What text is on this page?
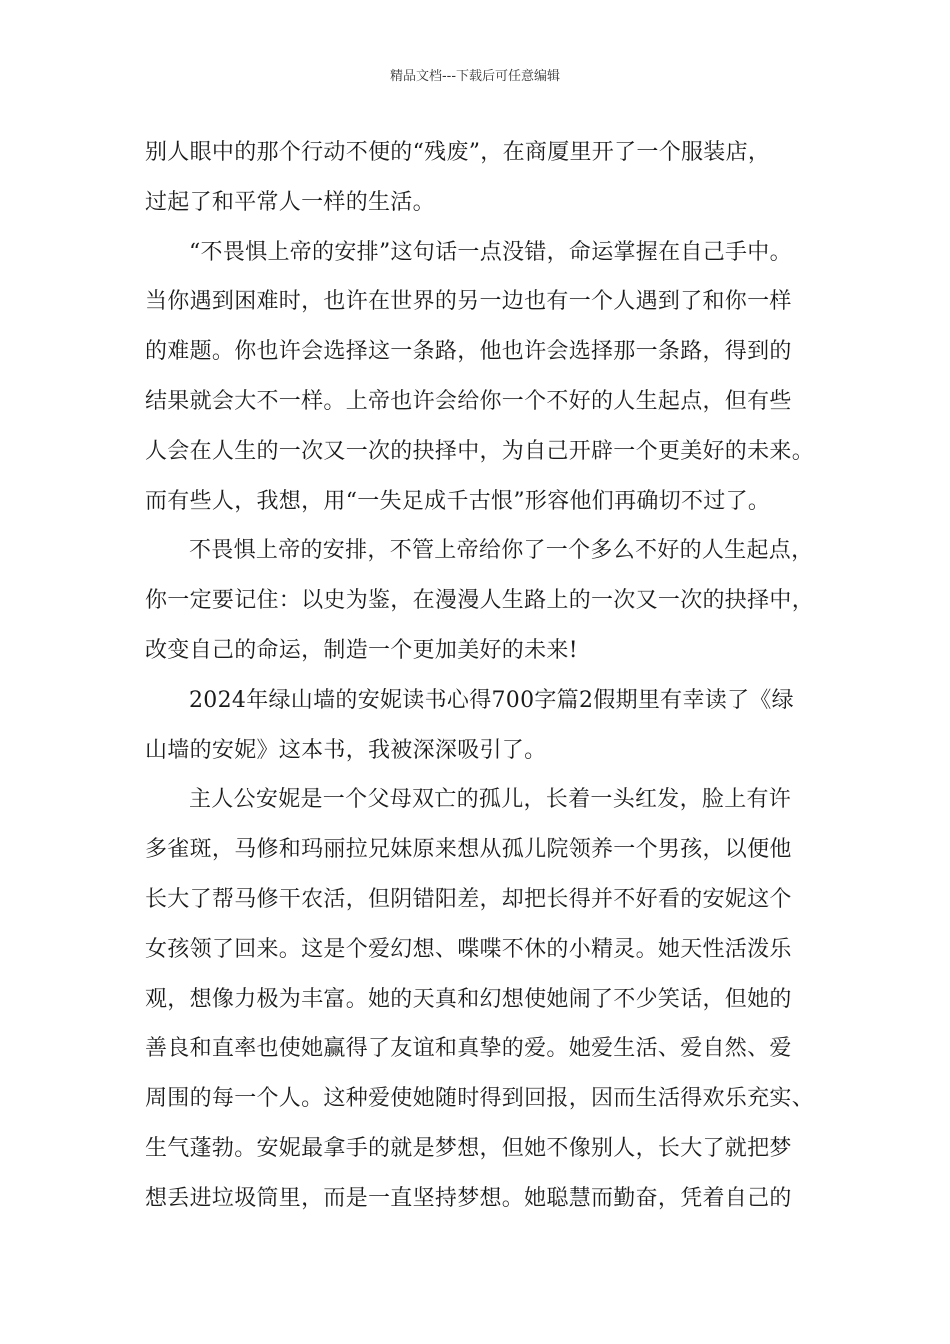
精品文档---下载后可任意编辑
别人眼中的那个行动不便的“残废”，在商厦里开了一个服装店，
过起了和平常人一样的生活。
“不畏惧上帝的安排”这句话一点没错，命运掌握在自己手中。
当你遇到困难时，也许在世界的另一边也有一个人遇到了和你一样
的难题。你也许会选择这一条路，他也许会选择那一条路，得到的
结果就会大不一样。上帝也许会给你一个不好的人生起点，但有些
人会在人生的一次又一次的抉择中，为自己开辟一个更美好的未来。
而有些人，我想，用“一失足成千古恨”形容他们再确切不过了。
不畏惧上帝的安排，不管上帝给你了一个多么不好的人生起点，
你一定要记住：以史为鉴，在漫漫人生路上的一次又一次的抉择中，
改变自己的命运，制造一个更加美好的未来!
2024年绿山墙的安妮读书心得700字篇2假期里有幸读了《绿
山墙的安妮》这本书，我被深深吸引了。
主人公安妮是一个父母双亡的孤儿，长着一头红发，脸上有许
多雀斑，马修和玛丽拉兄妹原来想从孤儿院领养一个男孩，以便他
长大了帮马修干农活，但阴错阳差，却把长得并不好看的安妮这个
女孩领了回来。这是个爱幻想、喋喋不休的小精灵。她天性活泼乐
观，想像力极为丰富。她的天真和幻想使她闹了不少笑话，但她的
善良和直率也使她赢得了友谊和真挚的爱。她爱生活、爱自然、爱
周围的每一个人。这种爱使她随时得到回报，因而生活得欢乐充实、
生气蓬勃。安妮最拿手的就是梦想，但她不像别人，长大了就把梦
想丢进垃圾筒里，而是一直坚持梦想。她聪慧而勤奋，凭着自己的
